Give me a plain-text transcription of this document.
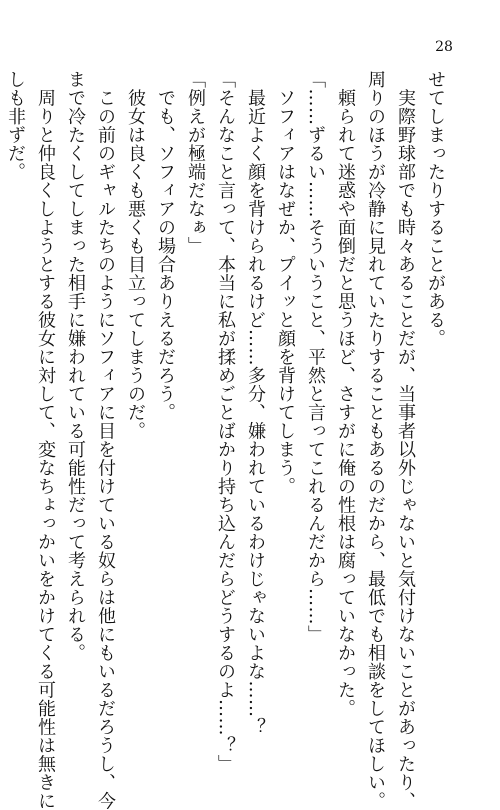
28
せてしまったりすることがある。
　実際野球部でも時々あることだが、当事者以外じゃないと気付けないことがあったり、
周りのほうが冷静に見れていたりすることもあるのだから、最低でも相談をしてほしい。
　頼られて迷惑や面倒だと思うほど、さすがに俺の性根は腐っていなかった。
「……ずるい……そういうこと、平然と言ってこれるんだから……」
　ソフィアはなぜか、プイッと顔を背けてしまう。
　最近よく顔を背けられるけど……多分、嫌われているわけじゃないよな……？
「そんなこと言って、本当に私が揉めごとばかり持ち込んだらどうするのよ……？」
「例えが極端だなぁ」
　でも、ソフィアの場合ありえるだろう。
　彼女は良くも悪くも目立ってしまうのだ。
　この前のギャルたちのようにソフィアに目を付けている奴らは他にもいるだろうし、今
まで冷たくしてしまった相手に嫌われている可能性だって考えられる。
　周りと仲良くしようとする彼女に対して、変なちょっかいをかけてくる可能性は無きに
しも非ずだ。
